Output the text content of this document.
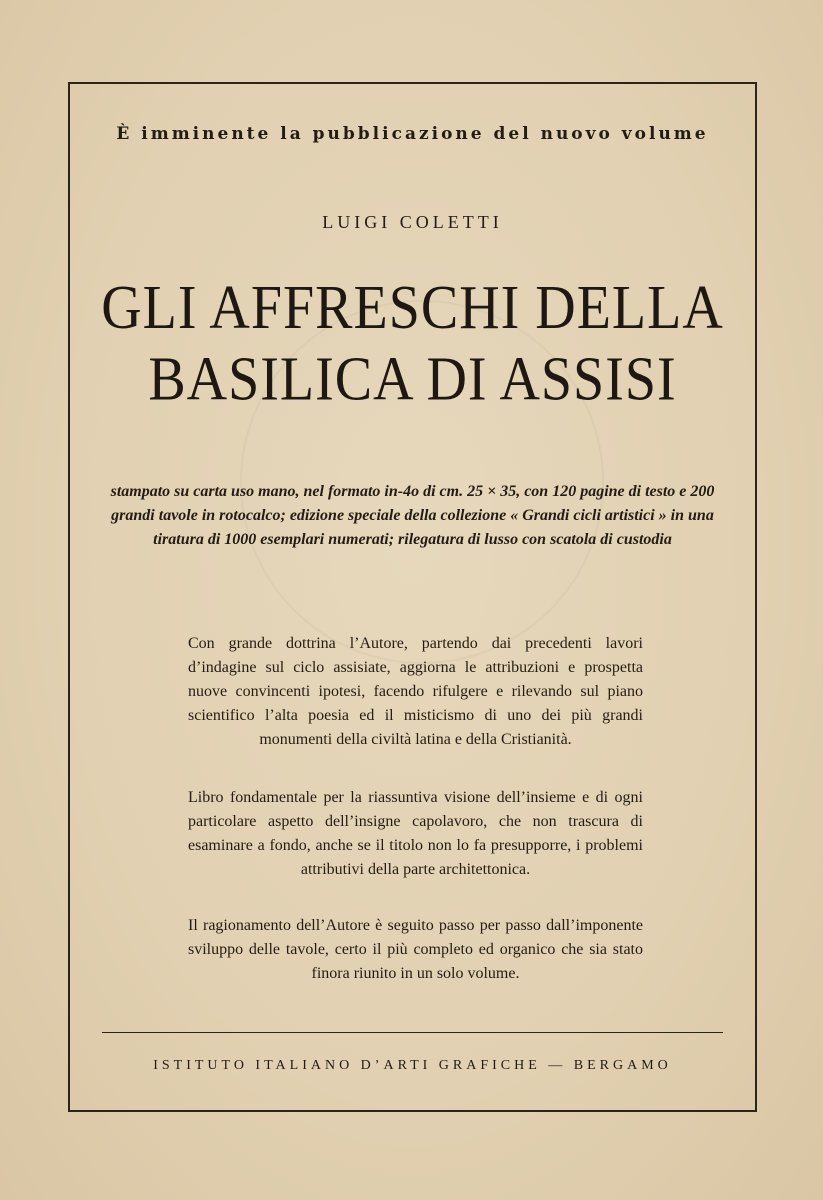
È imminente la pubblicazione del nuovo volume
LUIGI COLETTI
GLI AFFRESCHI DELLA
BASILICA DI ASSISI
stampato su carta uso mano, nel formato in-4o di cm. 25 × 35, con 120 pagine di testo e 200 grandi tavole in rotocalco; edizione speciale della collezione « Grandi cicli artistici » in una tiratura di 1000 esemplari numerati; rilegatura di lusso con scatola di custodia
Con grande dottrina l’Autore, partendo dai precedenti lavori d’indagine sul ciclo assisiate, aggiorna le attribuzioni e prospetta nuove convincenti ipotesi, facendo rifulgere e rilevando sul piano scientifico l’alta poesia ed il misticismo di uno dei più grandi monumenti della civiltà latina e della Cristianità.
Libro fondamentale per la riassuntiva visione dell’insieme e di ogni particolare aspetto dell’insigne capolavoro, che non trascura di esaminare a fondo, anche se il titolo non lo fa presupporre, i problemi attributivi della parte architettonica.
Il ragionamento dell’Autore è seguito passo per passo dall’imponente sviluppo delle tavole, certo il più completo ed organico che sia stato finora riunito in un solo volume.
ISTITUTO ITALIANO D’ARTI GRAFICHE — BERGAMO
